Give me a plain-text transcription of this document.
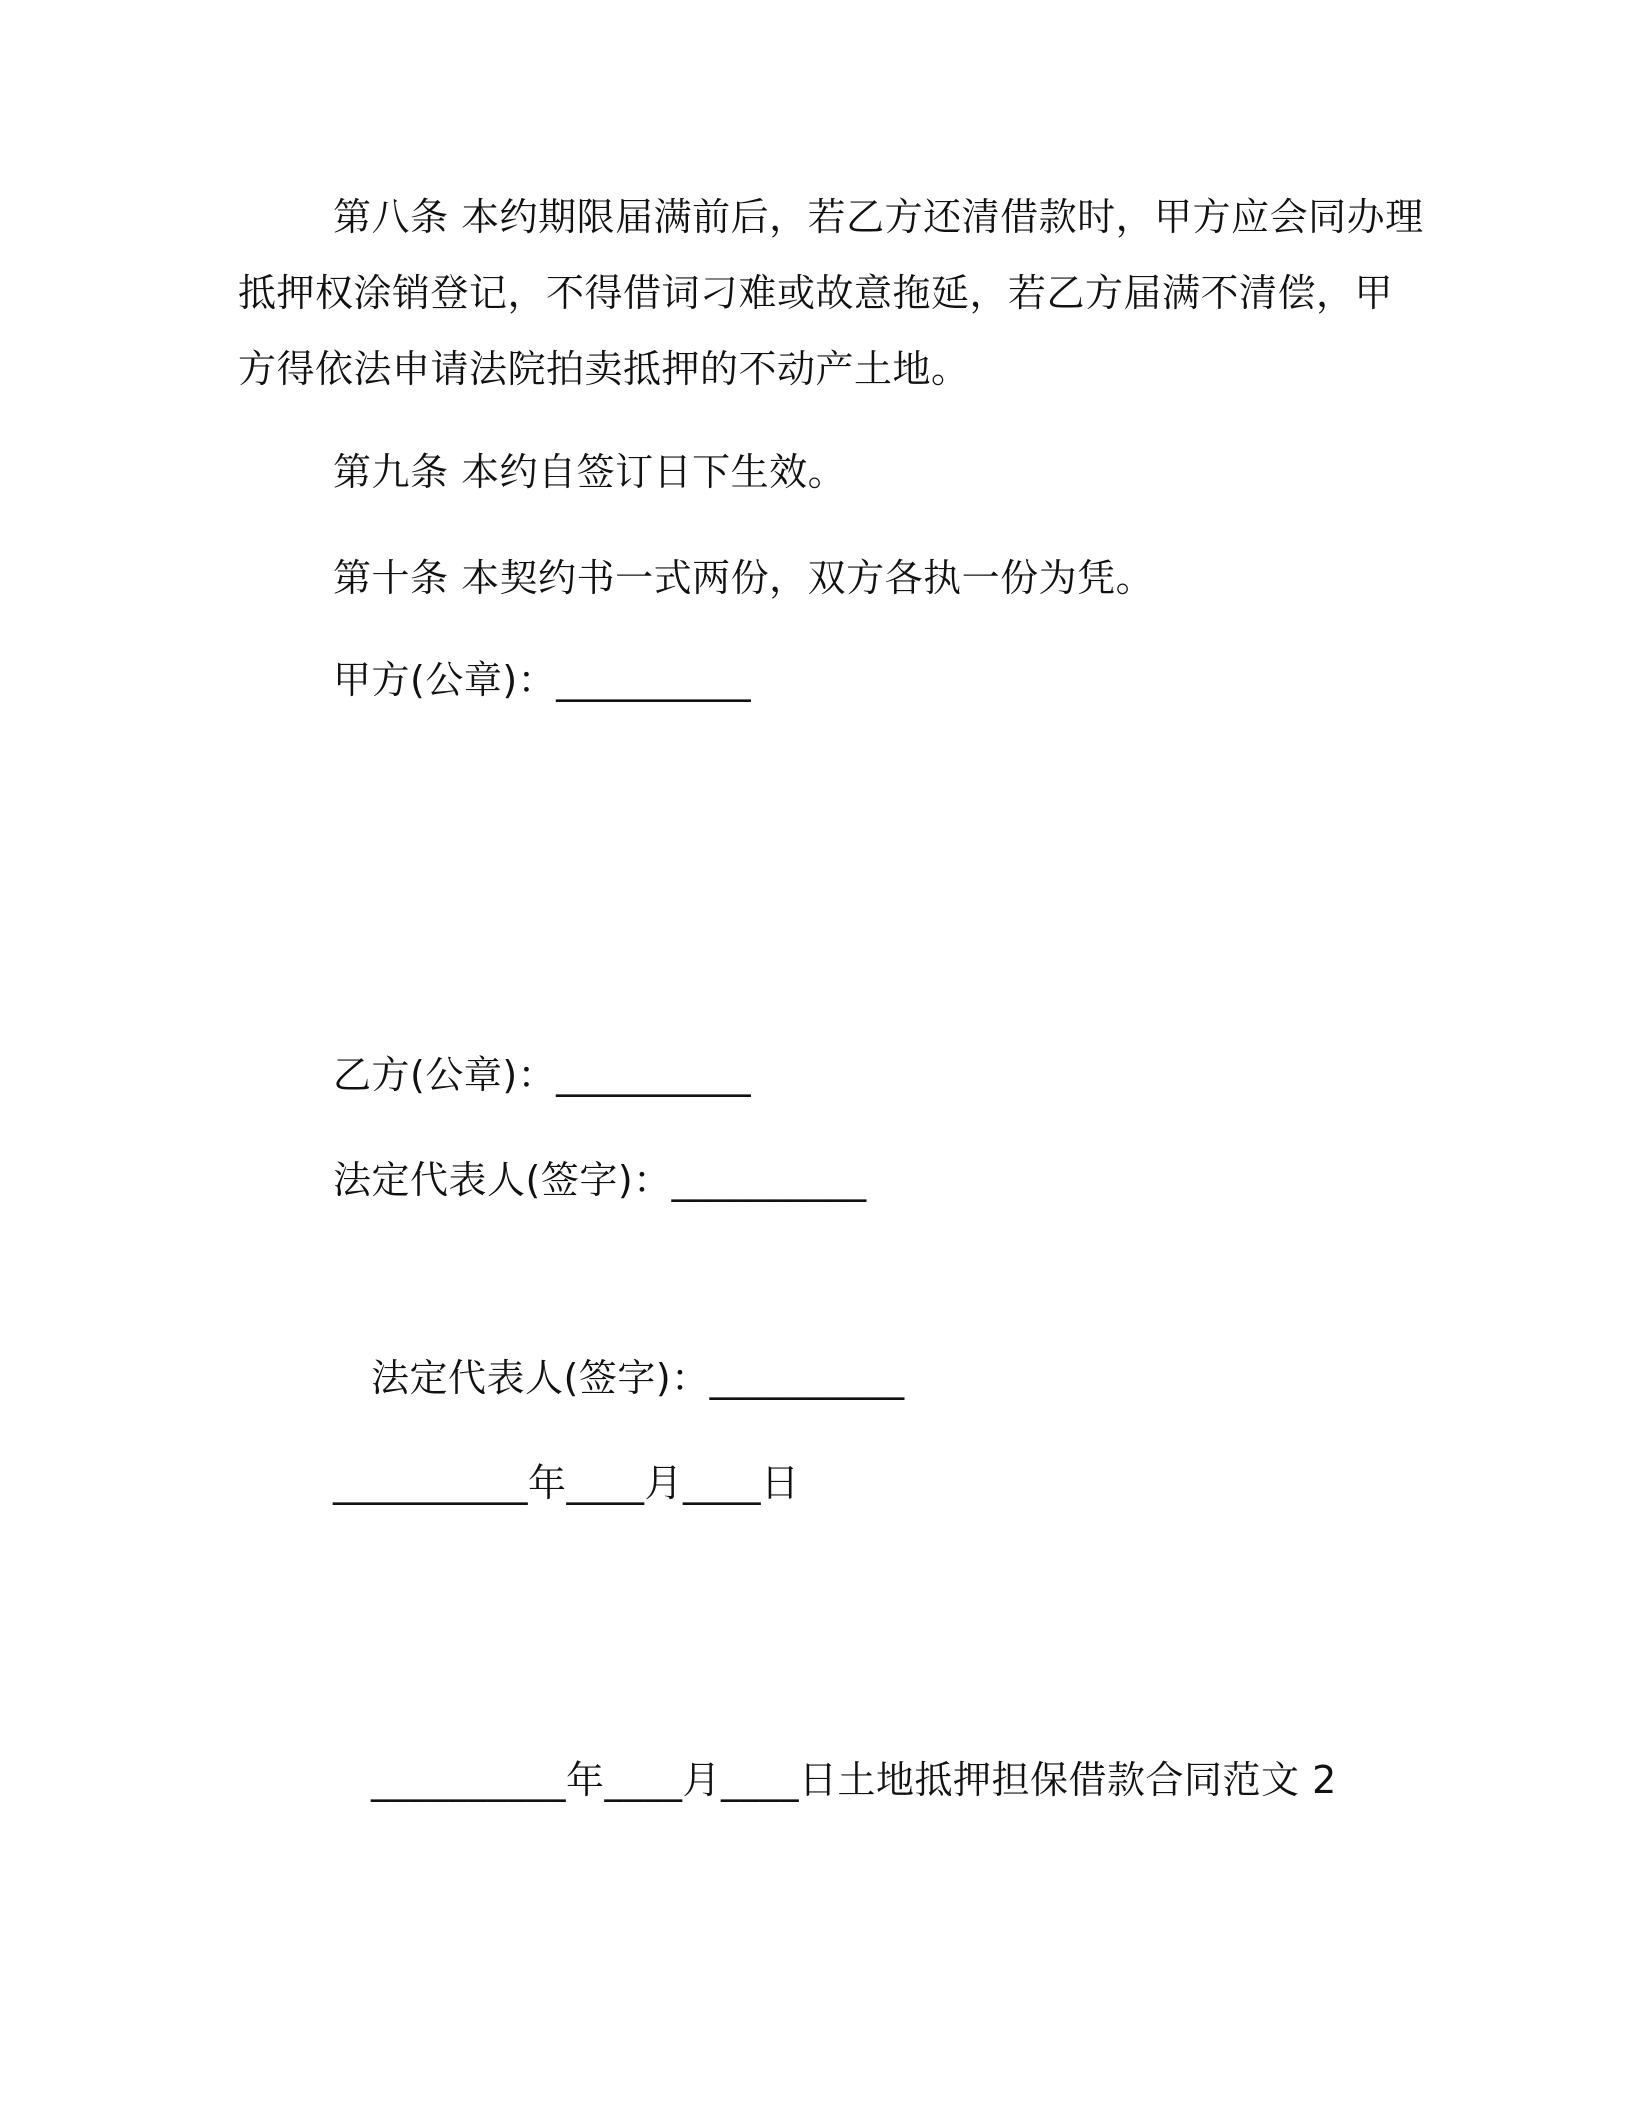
第八条 本约期限届满前后，若乙方还清借款时，甲方应会同办理
抵押权涂销登记，不得借词刁难或故意拖延，若乙方届满不清偿，甲
方得依法申请法院拍卖抵押的不动产土地。
第九条 本约自签订日下生效。
第十条 本契约书一式两份，双方各执一份为凭。
甲方(公章)：__________
乙方(公章)：__________
法定代表人(签字)：__________
法定代表人(签字)：__________
__________年____月____日
__________年____月____日土地抵押担保借款合同范文 2
